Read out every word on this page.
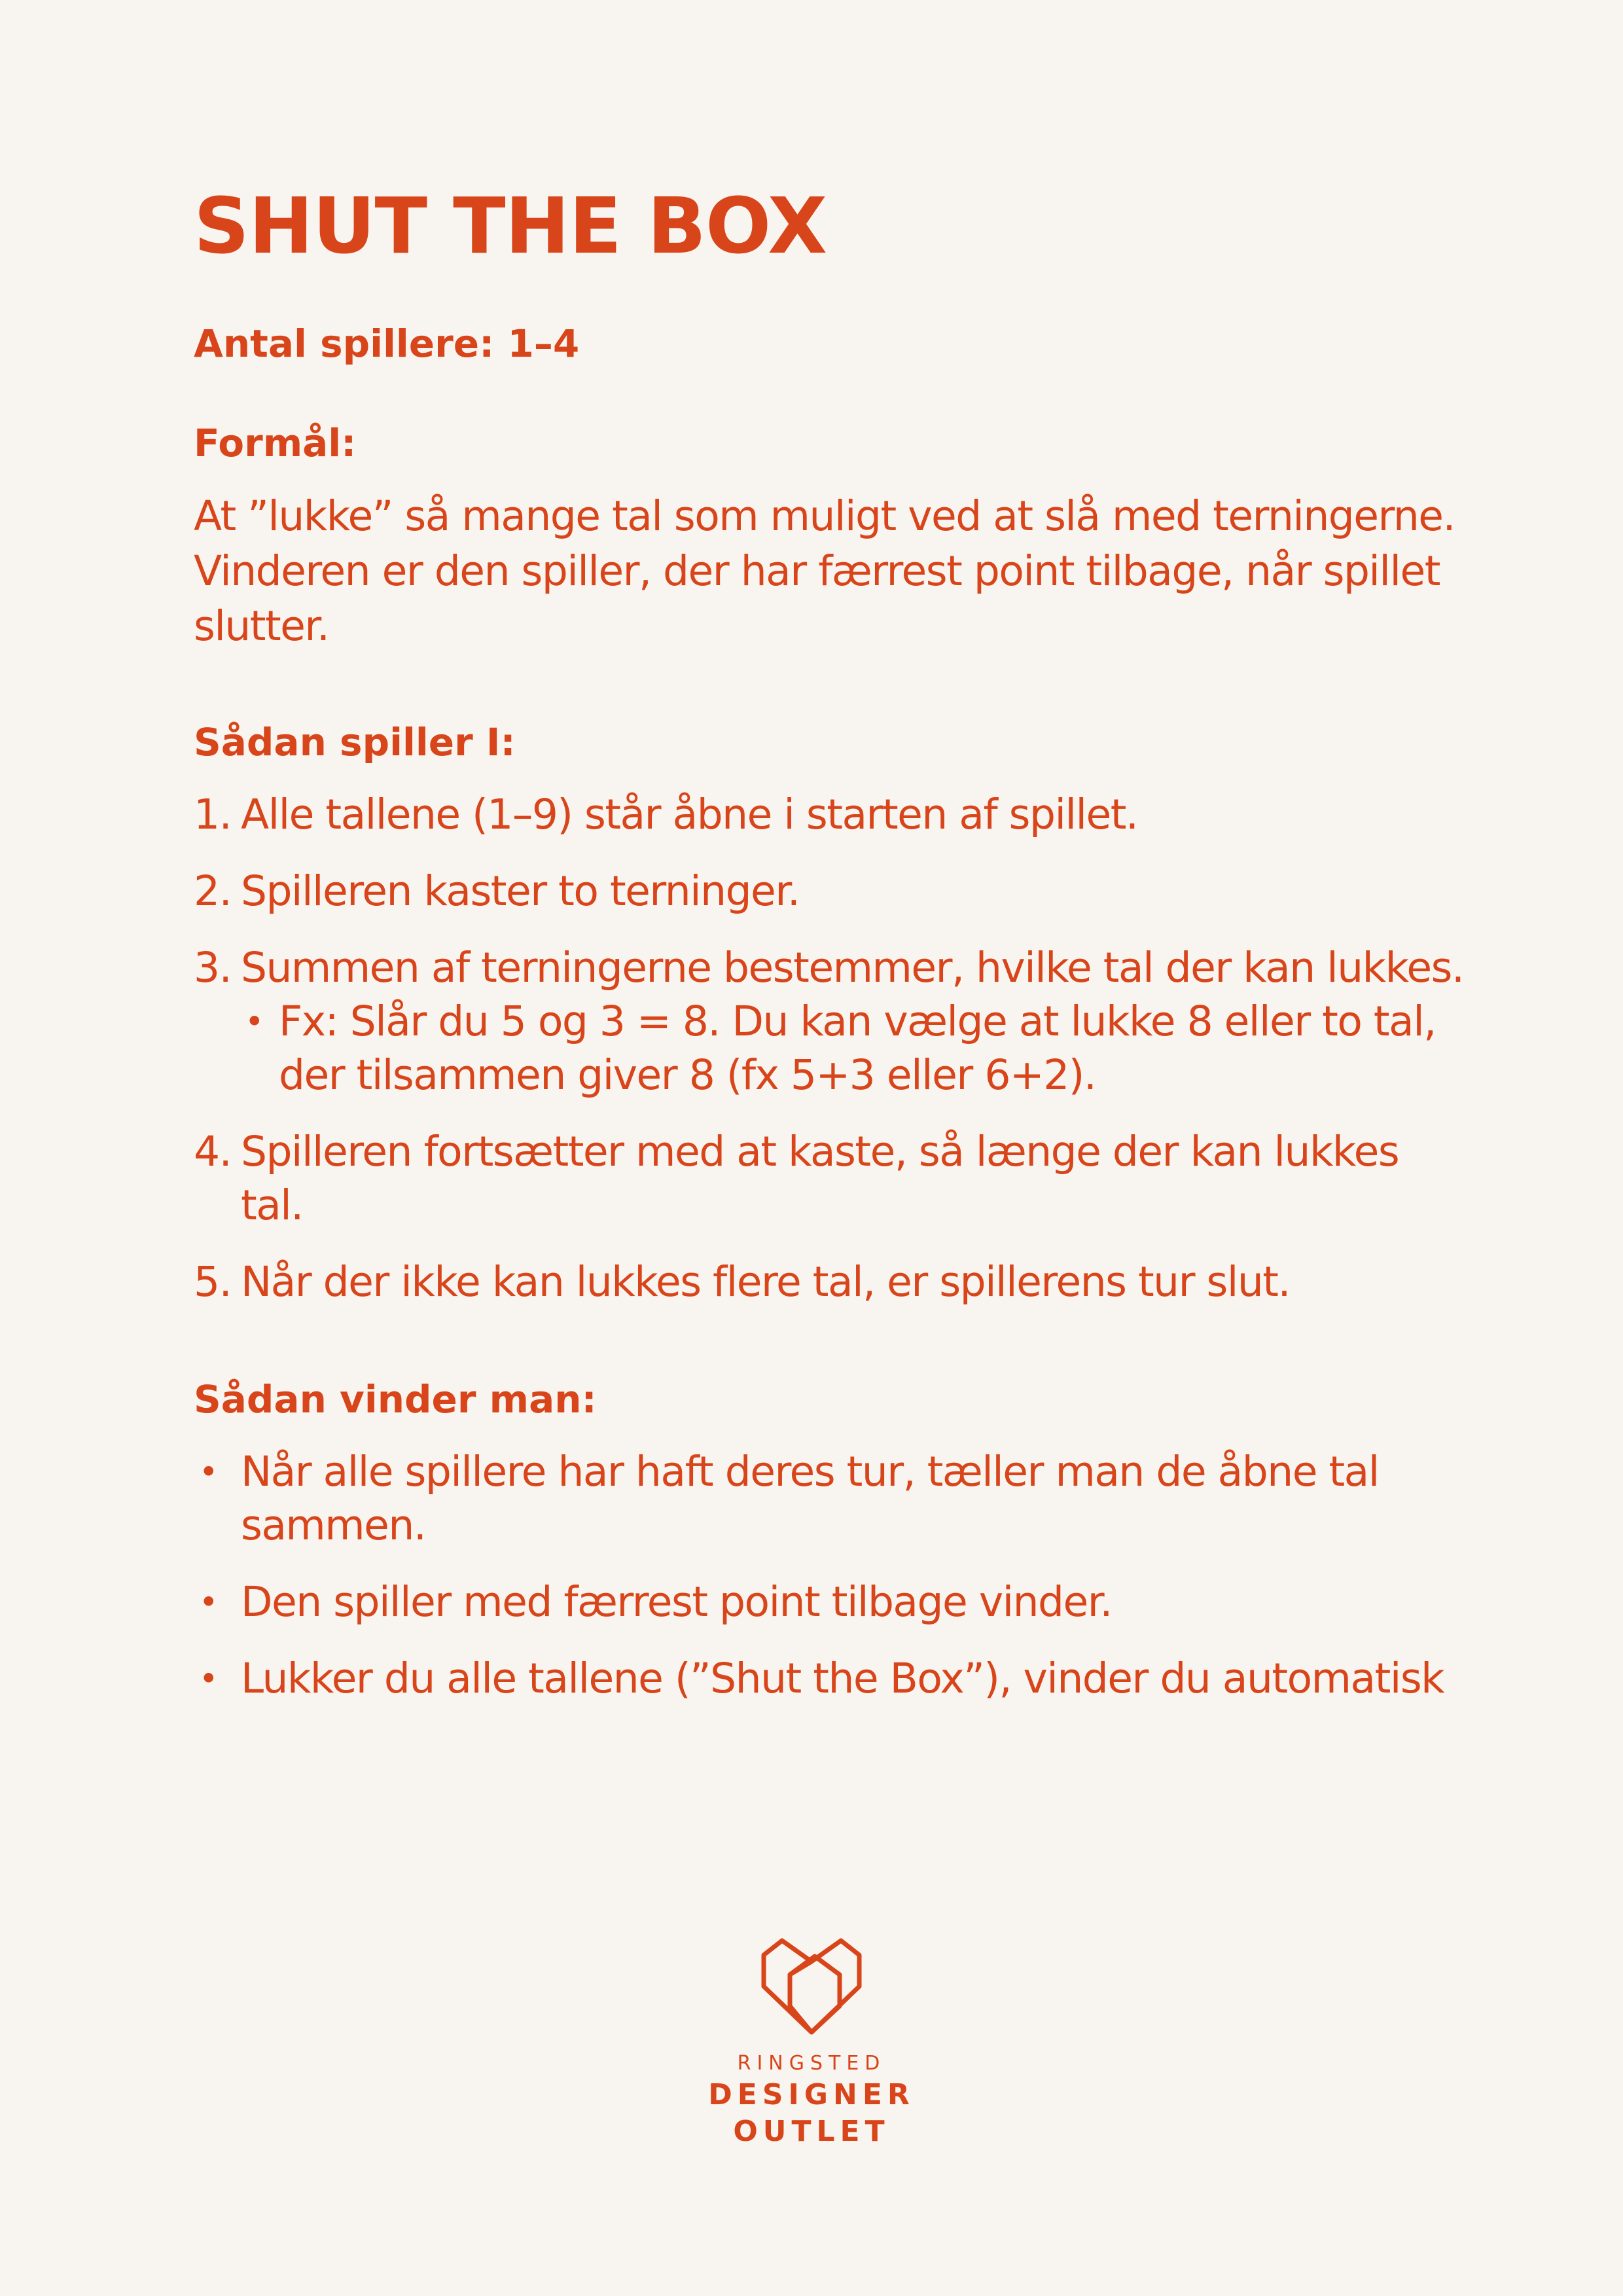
SHUT THE BOX
Antal spillere: 1–4
Formål:
At ”lukke” så mange tal som muligt ved at slå med terningerne. Vinderen er den spiller, der har færrest point tilbage, når spillet slutter.
Sådan spiller I:
1. Alle tallene (1–9) står åbne i starten af spillet.
2. Spilleren kaster to terninger.
3. Summen af terningerne bestemmer, hvilke tal der kan lukkes.
• Fx: Slår du 5 og 3 = 8. Du kan vælge at lukke 8 eller to tal, der tilsammen giver 8 (fx 5+3 eller 6+2).
4. Spilleren fortsætter med at kaste, så længe der kan lukkes tal.
5. Når der ikke kan lukkes flere tal, er spillerens tur slut.
Sådan vinder man:
• Når alle spillere har haft deres tur, tæller man de åbne tal sammen.
• Den spiller med færrest point tilbage vinder.
• Lukker du alle tallene (”Shut the Box”), vinder du automatisk
RINGSTED
DESIGNER
OUTLET
